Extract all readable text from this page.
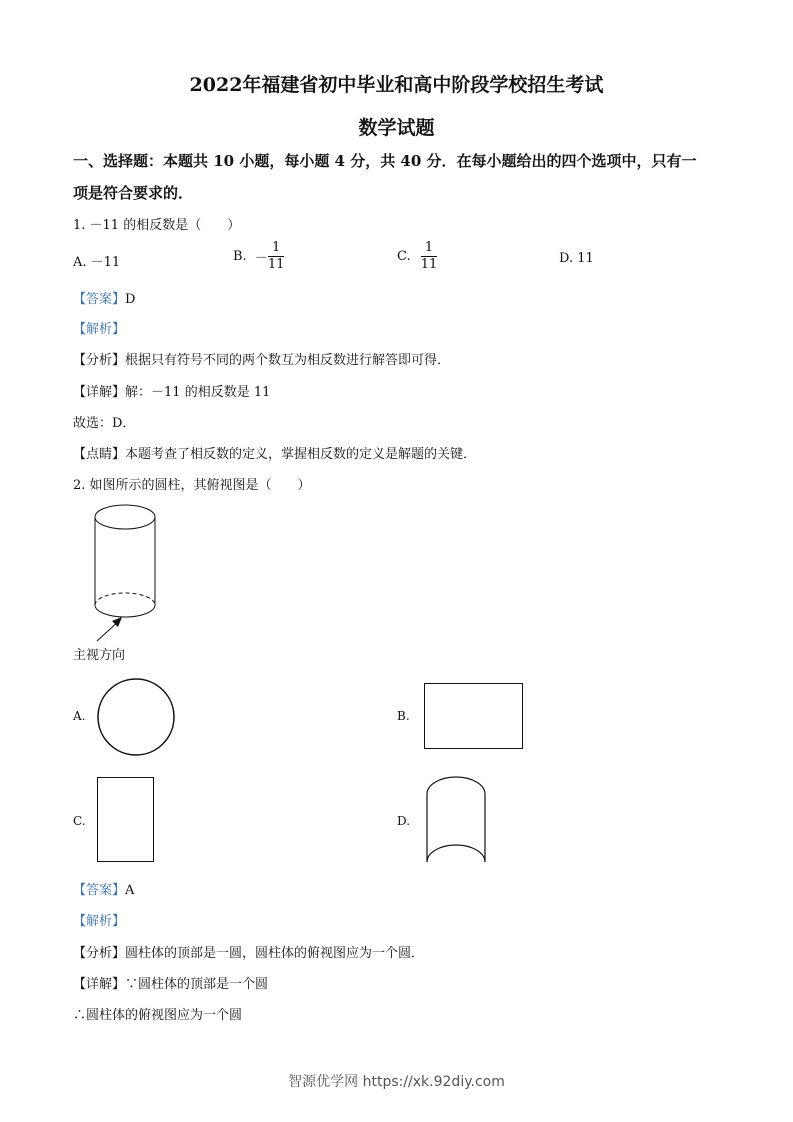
2022年福建省初中毕业和高中阶段学校招生考试
数学试题
一、选择题：本题共 10 小题，每小题 4 分，共 40 分．在每小题给出的四个选项中，只有一
项是符合要求的．
1. －11 的相反数是（　　）
A. －11	B. － $\frac{1}{11}$	C. $\frac{1}{11}$	D. 11
【答案】D
【解析】
【分析】根据只有符号不同的两个数互为相反数进行解答即可得．
【详解】解：－11 的相反数是 11
故选：D．
【点睛】本题考查了相反数的定义，掌握相反数的定义是解题的关键．
2. 如图所示的圆柱，其俯视图是（　　）
主视方向
A.	B.
C.	D.
【答案】A
【解析】
【分析】圆柱体的顶部是一圆，圆柱体的俯视图应为一个圆．
【详解】∵圆柱体的顶部是一个圆
∴圆柱体的俯视图应为一个圆
智源优学网 https://xk.92diy.com
